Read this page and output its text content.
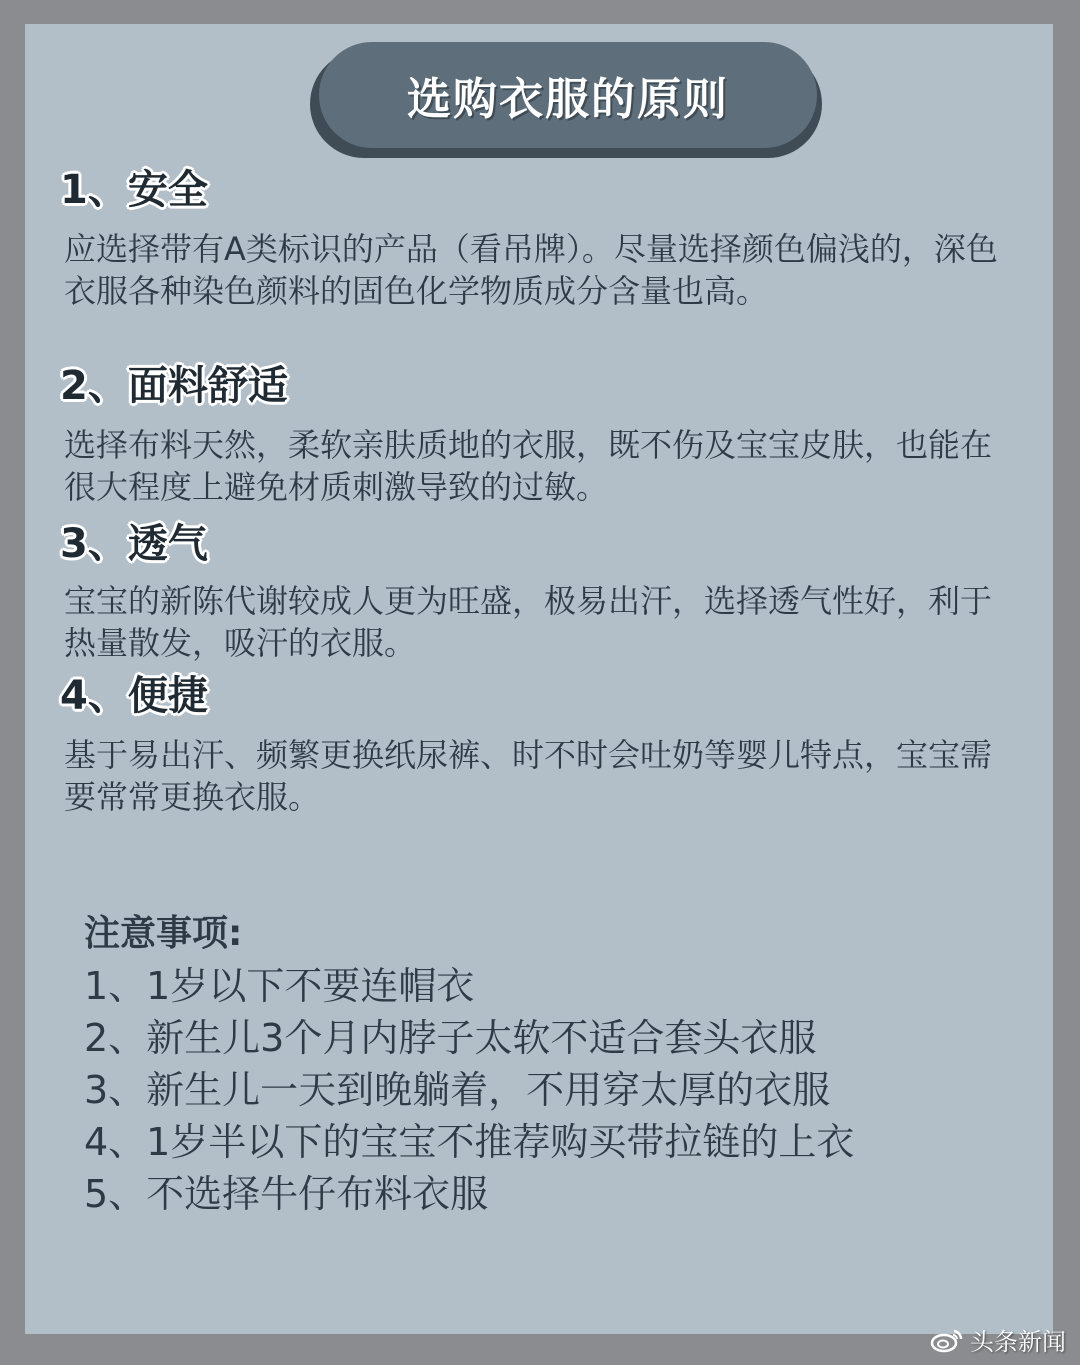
选购衣服的原则
1、安全
应选择带有A类标识的产品（看吊牌）。尽量选择颜色偏浅的，深色衣服各种染色颜料的固色化学物质成分含量也高。
2、面料舒适
选择布料天然，柔软亲肤质地的衣服，既不伤及宝宝皮肤，也能在很大程度上避免材质刺激导致的过敏。
3、透气
宝宝的新陈代谢较成人更为旺盛，极易出汗，选择透气性好，利于热量散发，吸汗的衣服。
4、便捷
基于易出汗、频繁更换纸尿裤、时不时会吐奶等婴儿特点，宝宝需要常常更换衣服。
注意事项:
1、1岁以下不要连帽衣
2、新生儿3个月内脖子太软不适合套头衣服
3、新生儿一天到晚躺着，不用穿太厚的衣服
4、1岁半以下的宝宝不推荐购买带拉链的上衣
5、不选择牛仔布料衣服
头条新闻
